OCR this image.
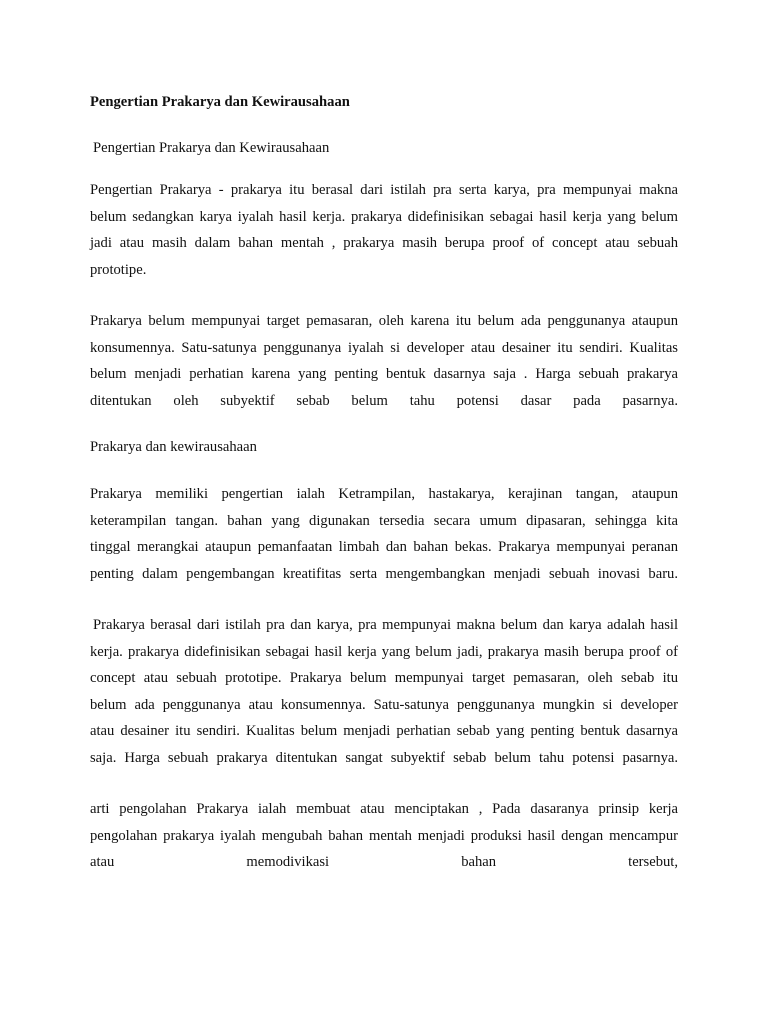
Pengertian Prakarya dan Kewirausahaan

Pengertian Prakarya dan Kewirausahaan

Pengertian Prakarya - prakarya itu berasal dari istilah pra serta karya, pra mempunyai makna
belum sedangkan karya iyalah hasil kerja. prakarya didefinisikan sebagai hasil kerja yang belum
jadi atau masih dalam bahan mentah , prakarya masih berupa proof of concept atau sebuah
prototipe.
Prakarya belum mempunyai target pemasaran, oleh karena itu belum ada penggunanya ataupun
konsumennya. Satu-satunya penggunanya iyalah si developer atau desainer itu sendiri. Kualitas
belum menjadi perhatian karena yang penting bentuk dasarnya saja . Harga sebuah prakarya
ditentukan oleh subyektif sebab belum tahu potensi dasar pada pasarnya.

Prakarya dan kewirausahaan

Prakarya memiliki pengertian ialah Ketrampilan, hastakarya, kerajinan tangan, ataupun
keterampilan tangan. bahan yang digunakan tersedia secara umum dipasaran, sehingga kita
tinggal merangkai ataupun pemanfaatan limbah dan bahan bekas. Prakarya mempunyai peranan
penting dalam pengembangan kreatifitas serta mengembangkan menjadi sebuah inovasi baru.
Prakarya berasal dari istilah pra dan karya, pra mempunyai makna belum dan karya adalah hasil
kerja. prakarya didefinisikan sebagai hasil kerja yang belum jadi, prakarya masih berupa proof of
concept atau sebuah prototipe. Prakarya belum mempunyai target pemasaran, oleh sebab itu
belum ada penggunanya atau konsumennya. Satu-satunya penggunanya mungkin si developer
atau desainer itu sendiri. Kualitas belum menjadi perhatian sebab yang penting bentuk dasarnya
saja. Harga sebuah prakarya ditentukan sangat subyektif sebab belum tahu potensi pasarnya.
arti pengolahan Prakarya ialah membuat atau menciptakan , Pada dasaranya prinsip kerja
pengolahan prakarya iyalah mengubah bahan mentah menjadi produksi hasil dengan mencampur
atau memodivikasi bahan tersebut,
